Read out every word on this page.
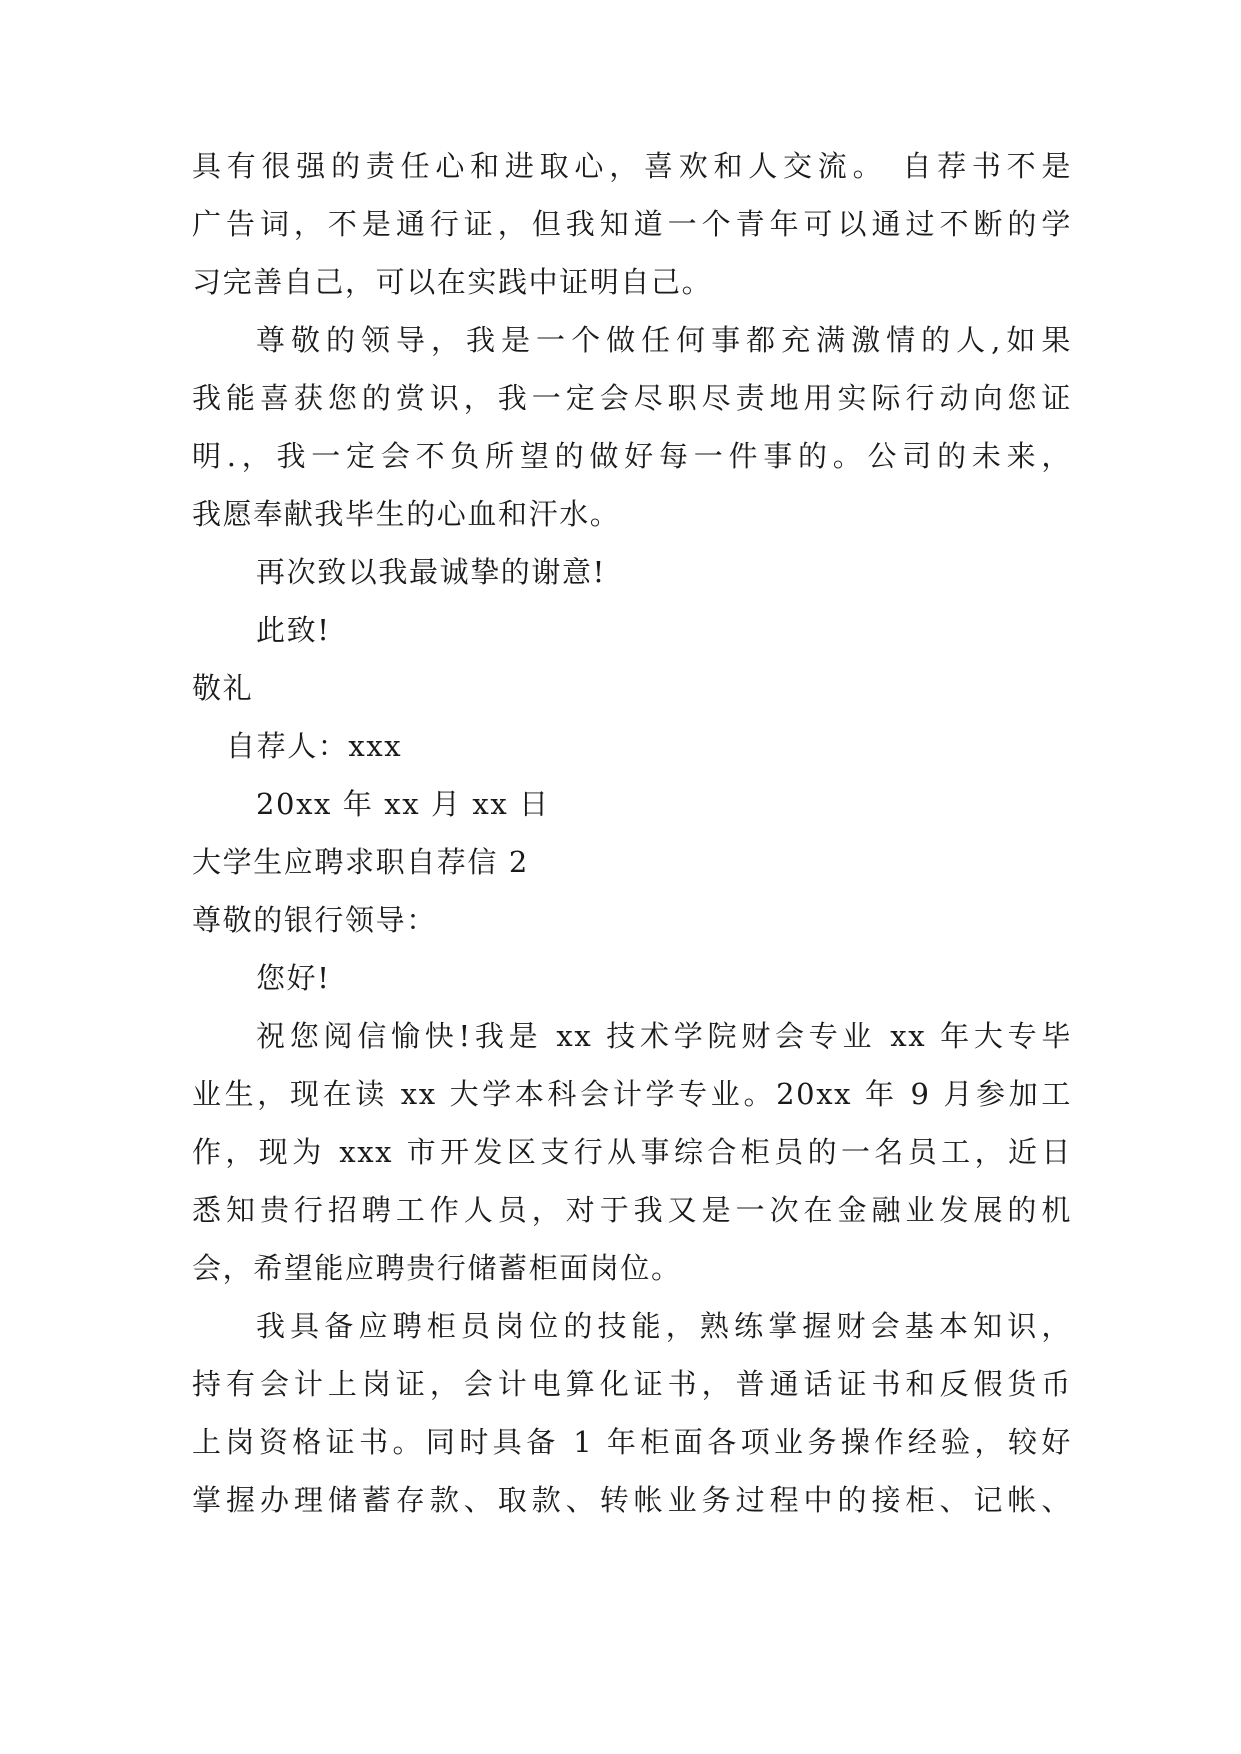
具有很强的责任心和进取心，喜欢和人交流。 自荐书不是
广告词，不是通行证，但我知道一个青年可以通过不断的学
习完善自己，可以在实践中证明自己。
尊敬的领导，我是一个做任何事都充满激情的人,如果
我能喜获您的赏识，我一定会尽职尽责地用实际行动向您证
明.，我一定会不负所望的做好每一件事的。公司的未来，
我愿奉献我毕生的心血和汗水。
再次致以我最诚挚的谢意!
此致!
敬礼
自荐人：xxx
20xx 年 xx 月 xx 日
大学生应聘求职自荐信 2
尊敬的银行领导：
您好!
祝您阅信愉快!我是 xx 技术学院财会专业 xx 年大专毕
业生，现在读 xx 大学本科会计学专业。20xx 年 9 月参加工
作，现为 xxx 市开发区支行从事综合柜员的一名员工，近日
悉知贵行招聘工作人员，对于我又是一次在金融业发展的机
会，希望能应聘贵行储蓄柜面岗位。
我具备应聘柜员岗位的技能，熟练掌握财会基本知识，
持有会计上岗证，会计电算化证书，普通话证书和反假货币
上岗资格证书。同时具备 1 年柜面各项业务操作经验，较好
掌握办理储蓄存款、取款、转帐业务过程中的接柜、记帐、
